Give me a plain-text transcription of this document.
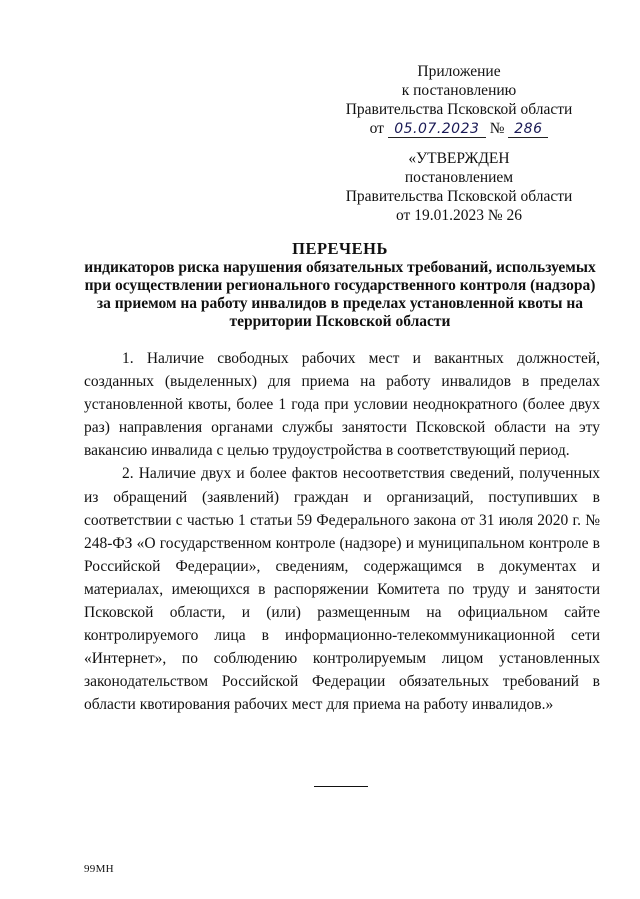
Приложение
к постановлению
Правительства Псковской области
от 05.07.2023 № 286
«УТВЕРЖДЕН
постановлением
Правительства Псковской области
от 19.01.2023 № 26
ПЕРЕЧЕНЬ
индикаторов риска нарушения обязательных требований, используемых
при осуществлении регионального государственного контроля (надзора)
за приемом на работу инвалидов в пределах установленной квоты на
территории Псковской области

1. Наличие свободных рабочих мест и вакантных должностей, созданных (выделенных) для приема на работу инвалидов в пределах установленной квоты, более 1 года при условии неоднократного (более двух раз) направления органами службы занятости Псковской области на эту вакансию инвалида с целью трудоустройства в соответствующий период.

2. Наличие двух и более фактов несоответствия сведений, полученных из обращений (заявлений) граждан и организаций, поступивших в соответствии с частью 1 статьи 59 Федерального закона от 31 июля 2020 г. № 248-ФЗ «О государственном контроле (надзоре) и муниципальном контроле в Российской Федерации», сведениям, содержащимся в документах и материалах, имеющихся в распоряжении Комитета по труду и занятости Псковской области, и (или) размещенным на официальном сайте контролируемого лица в информационно-телекоммуникационной сети «Интернет», по соблюдению контролируемым лицом установленных законодательством Российской Федерации обязательных требований в области квотирования рабочих мест для приема на работу инвалидов.»

99МН
